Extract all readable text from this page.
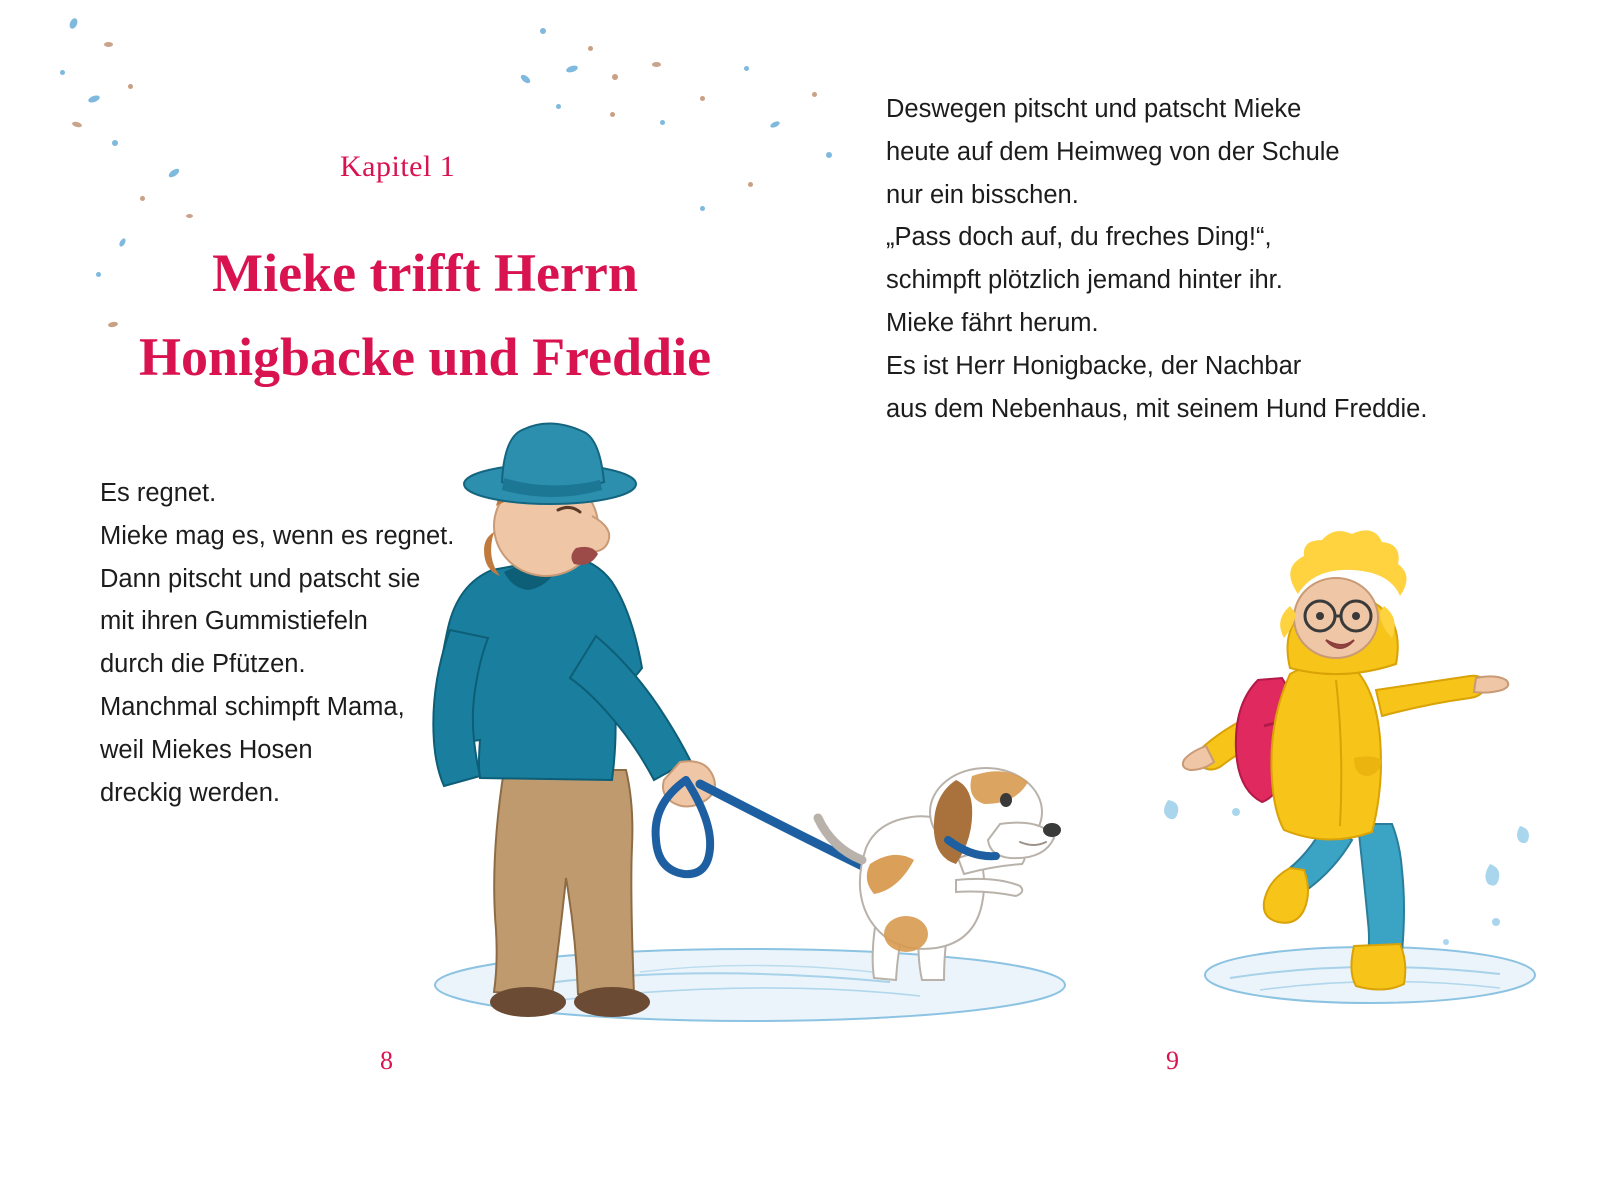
Kapitel 1
Mieke trifft Herrn
Honigbacke und Freddie
Es regnet.
Mieke mag es, wenn es regnet.
Dann pitscht und patscht sie
mit ihren Gummistiefeln
durch die Pfützen.
Manchmal schimpft Mama,
weil Miekes Hosen
dreckig werden.
Deswegen pitscht und patscht Mieke
heute auf dem Heimweg von der Schule
nur ein bisschen.
„Pass doch auf, du freches Ding!“,
schimpft plötzlich jemand hinter ihr.
Mieke fährt herum.
Es ist Herr Honigbacke, der Nachbar
aus dem Nebenhaus, mit seinem Hund Freddie.
8	9
